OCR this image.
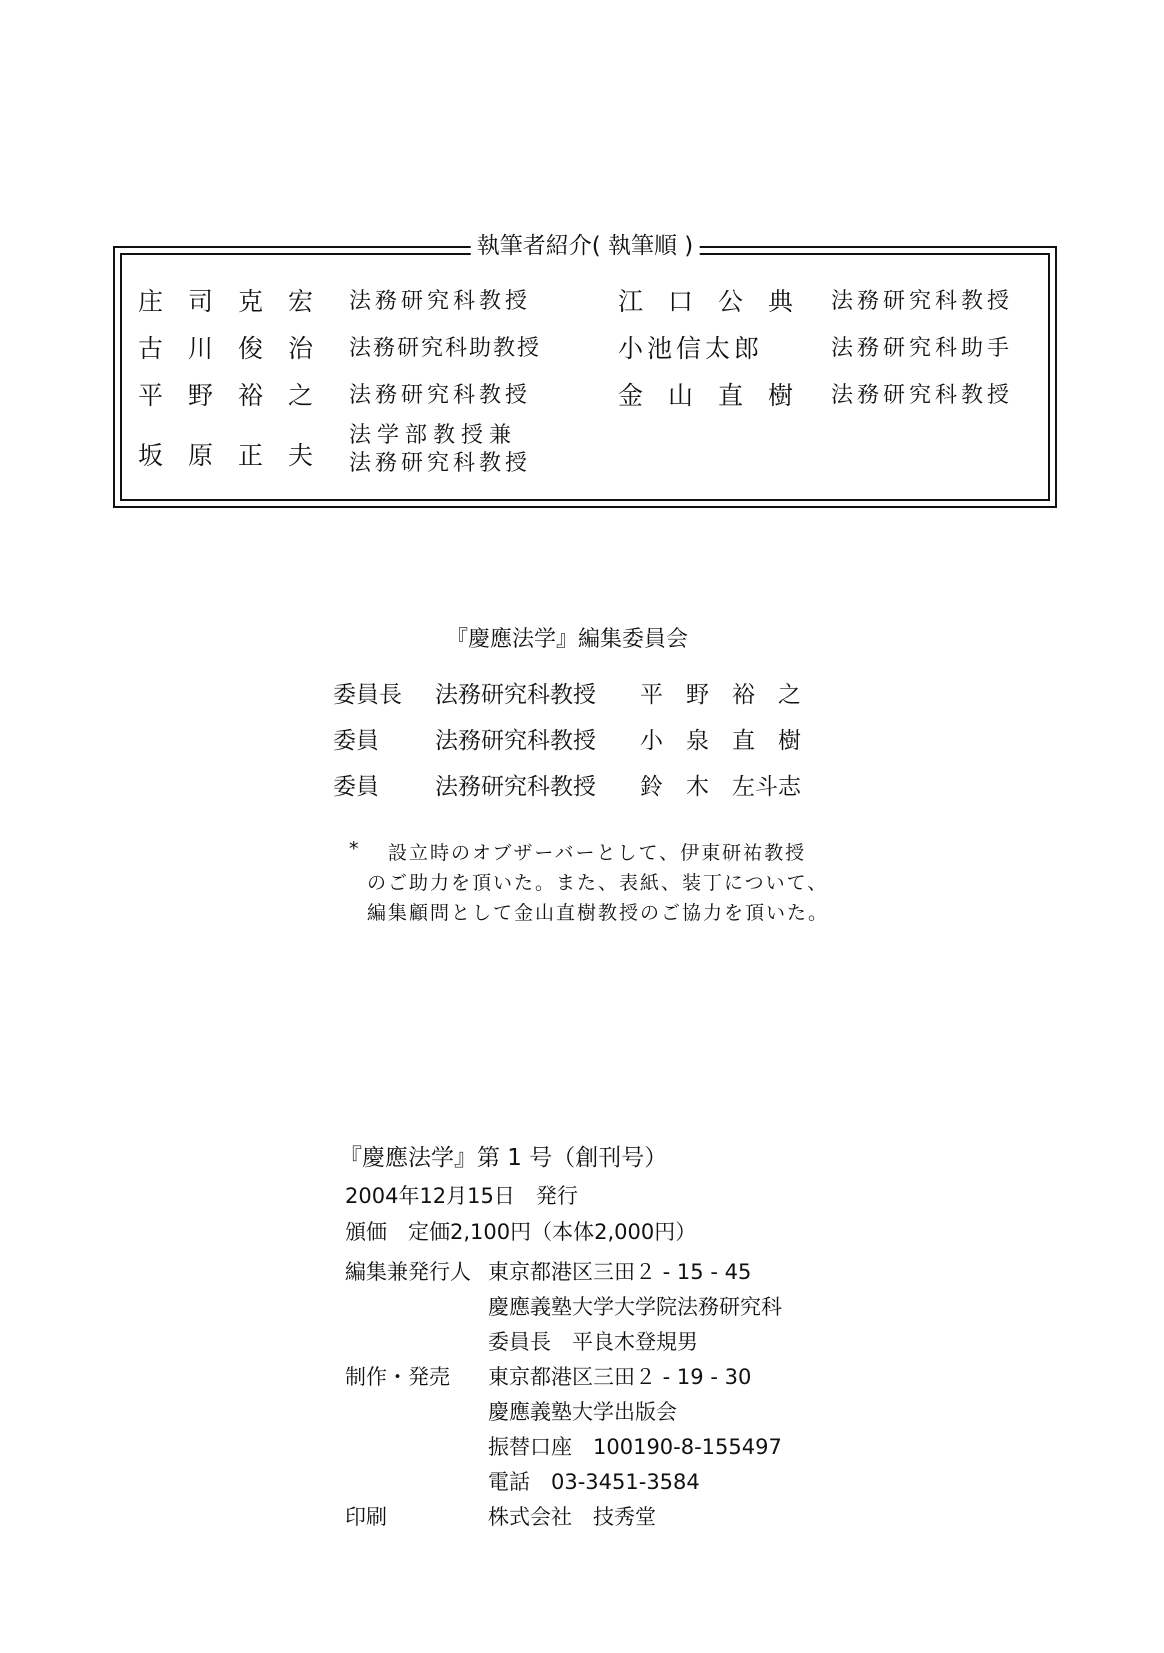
執筆者紹介( 執筆順 )
庄司克宏 法務研究科教授
古川俊治 法務研究科助教授
平野裕之 法務研究科教授
坂原正夫
法学部教授兼
法務研究科教授
江口公典 法務研究科教授
小池信太郎	法務研究科助手
金山直樹 法務研究科教授
『慶應法学』編集委員会
委員長 法務研究科教授 平　野　裕　之
委員 法務研究科教授 小　泉　直　樹
委員 法務研究科教授 鈴　木　左斗志
* 設立時のオブザーバーとして、伊東研祐教授
のご助力を頂いた。また、表紙、装丁について、
編集顧問として金山直樹教授のご協力を頂いた。
『慶應法学』第 1 号（創刊号）
2004年12月15日　発行
頒価　定価2,100円（本体2,000円）
編集兼発行人 東京都港区三田２ - 15 - 45
慶應義塾大学大学院法務研究科
委員長　平良木登規男
制作・発売 東京都港区三田２ - 19 - 30
慶應義塾大学出版会
振替口座　100190‐8‐155497
電話　03‐3451‐3584
印刷	株式会社　技秀堂
